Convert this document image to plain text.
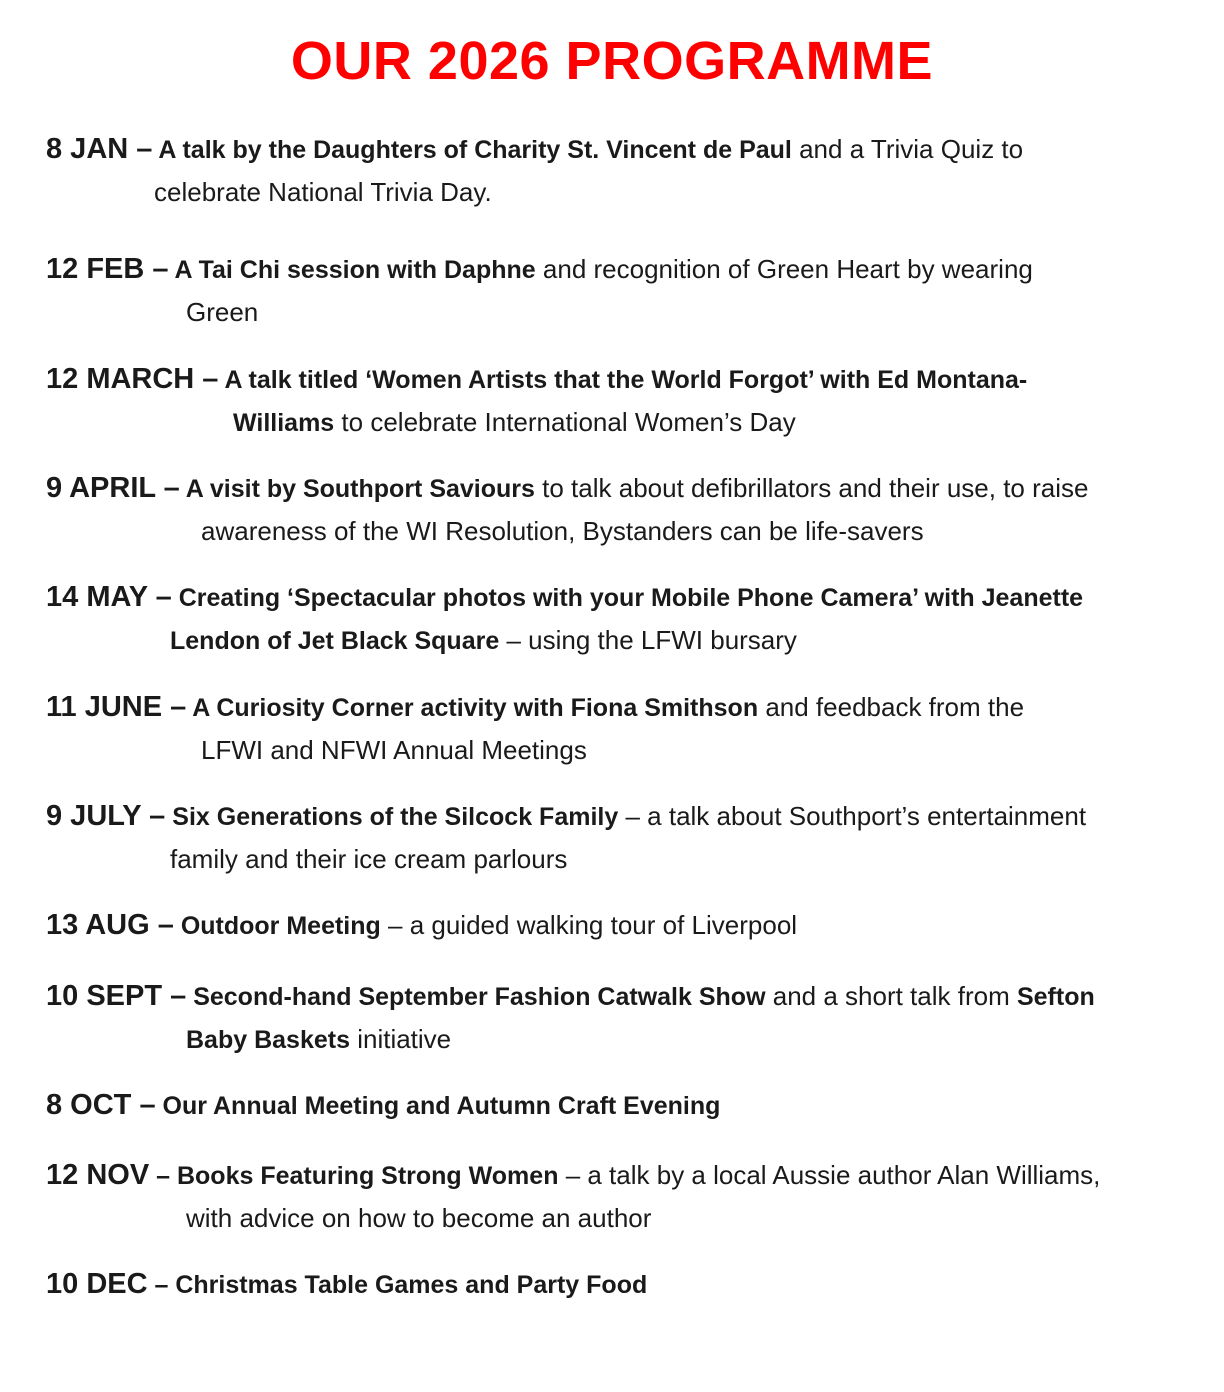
OUR 2026 PROGRAMME
8 JAN – A talk by the Daughters of Charity St. Vincent de Paul and a Trivia Quiz to
celebrate National Trivia Day.
12 FEB – A Tai Chi session with Daphne and recognition of Green Heart by wearing
Green
12 MARCH – A talk titled ‘Women Artists that the World Forgot’ with Ed Montana-
Williams to celebrate International Women’s Day
9 APRIL – A visit by Southport Saviours to talk about defibrillators and their use, to raise
awareness of the WI Resolution, Bystanders can be life-savers
14 MAY – Creating ‘Spectacular photos with your Mobile Phone Camera’ with Jeanette
Lendon of Jet Black Square – using the LFWI bursary
11 JUNE – A Curiosity Corner activity with Fiona Smithson and feedback from the
LFWI and NFWI Annual Meetings
9 JULY – Six Generations of the Silcock Family – a talk about Southport’s entertainment
family and their ice cream parlours
13 AUG – Outdoor Meeting – a guided walking tour of Liverpool
10 SEPT – Second-hand September Fashion Catwalk Show and a short talk from Sefton
Baby Baskets initiative
8 OCT – Our Annual Meeting and Autumn Craft Evening
12 NOV – Books Featuring Strong Women – a talk by a local Aussie author Alan Williams,
with advice on how to become an author
10 DEC – Christmas Table Games and Party Food
